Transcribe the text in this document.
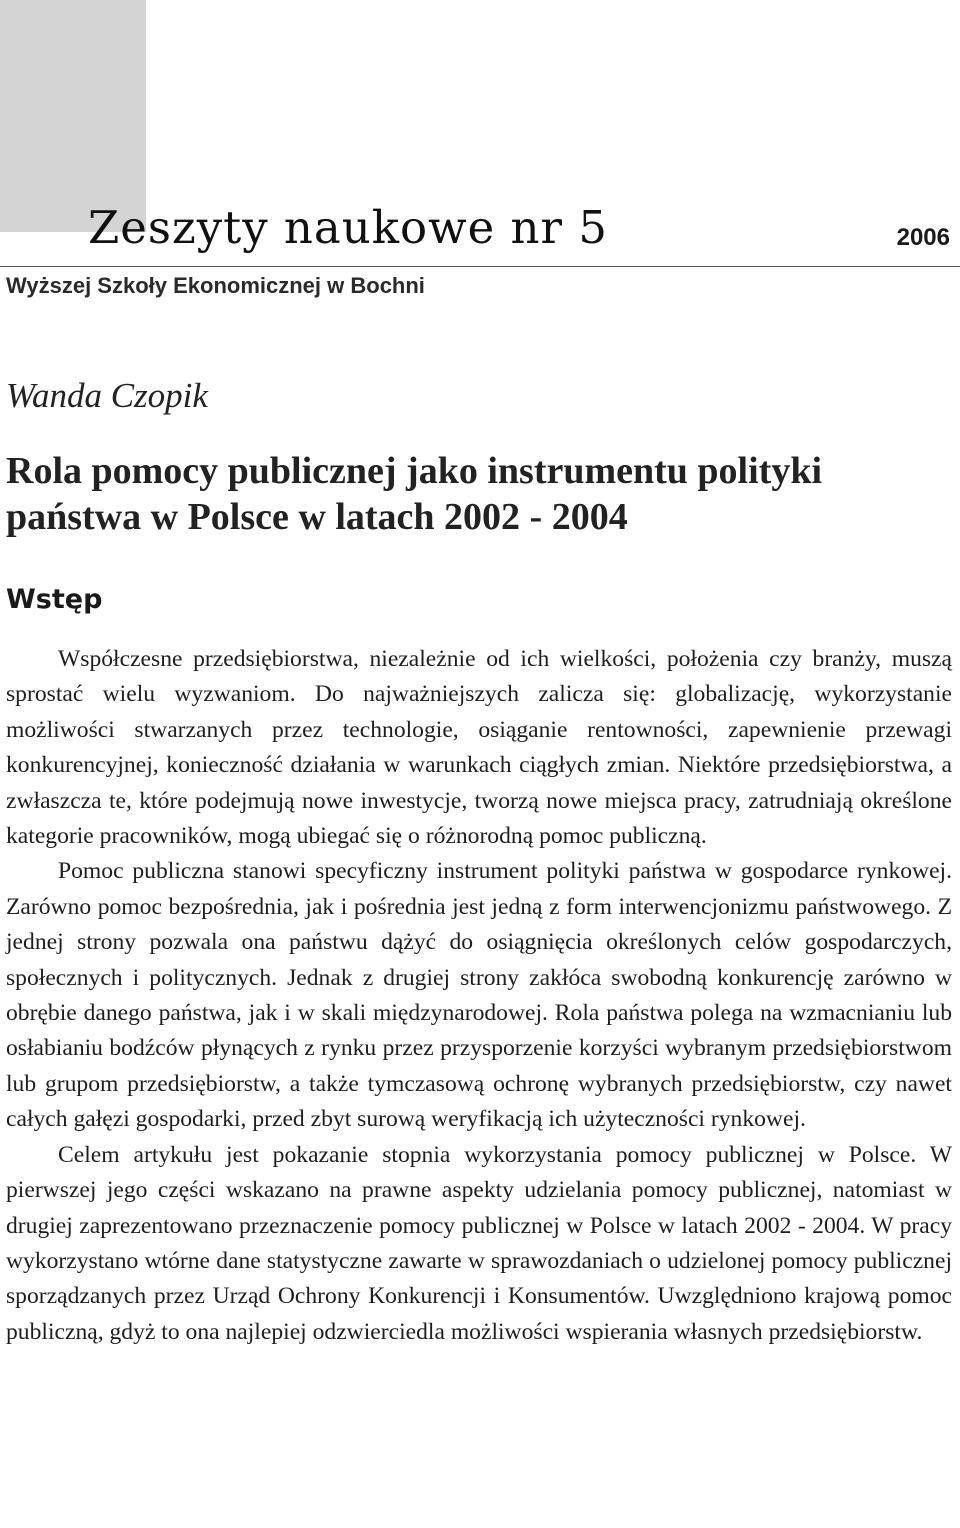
Zeszyty naukowe nr 5	2006
Wyższej Szkoły Ekonomicznej w Bochni
Wanda Czopik
Rola pomocy publicznej jako instrumentu polityki państwa w Polsce w latach 2002 - 2004
Wstęp

Współczesne przedsiębiorstwa, niezależnie od ich wielkości, położenia czy branży, muszą sprostać wielu wyzwaniom. Do najważniejszych zalicza się: globalizację, wykorzystanie możliwości stwarzanych przez technologie, osiąganie rentowności, zapewnienie przewagi konkurencyjnej, konieczność działania w warunkach ciągłych zmian. Niektóre przedsiębiorstwa, a zwłaszcza te, które podejmują nowe inwestycje, tworzą nowe miejsca pracy, zatrudniają określone kategorie pracowników, mogą ubiegać się o różnorodną pomoc publiczną.

Pomoc publiczna stanowi specyficzny instrument polityki państwa w gospodarce rynkowej. Zarówno pomoc bezpośrednia, jak i pośrednia jest jedną z form interwencjonizmu państwowego. Z jednej strony pozwala ona państwu dążyć do osiągnięcia określonych celów gospodarczych, społecznych i politycznych. Jednak z drugiej strony zakłóca swobodną konkurencję zarówno w obrębie danego państwa, jak i w skali międzynarodowej. Rola państwa polega na wzmacnianiu lub osłabianiu bodźców płynących z rynku przez przysporzenie korzyści wybranym przedsiębiorstwom lub grupom przedsiębiorstw, a także tymczasową ochronę wybranych przedsiębiorstw, czy nawet całych gałęzi gospodarki, przed zbyt surową weryfikacją ich użyteczności rynkowej.

Celem artykułu jest pokazanie stopnia wykorzystania pomocy publicznej w Polsce. W pierwszej jego części wskazano na prawne aspekty udzielania pomocy publicznej, natomiast w drugiej zaprezentowano przeznaczenie pomocy publicznej w Polsce w latach 2002 - 2004. W pracy wykorzystano wtórne dane statystyczne zawarte w sprawozdaniach o udzielonej pomocy publicznej sporządzanych przez Urząd Ochrony Konkurencji i Konsumentów. Uwzględniono krajową pomoc publiczną, gdyż to ona najlepiej odzwierciedla możliwości wspierania własnych przedsiębiorstw.
